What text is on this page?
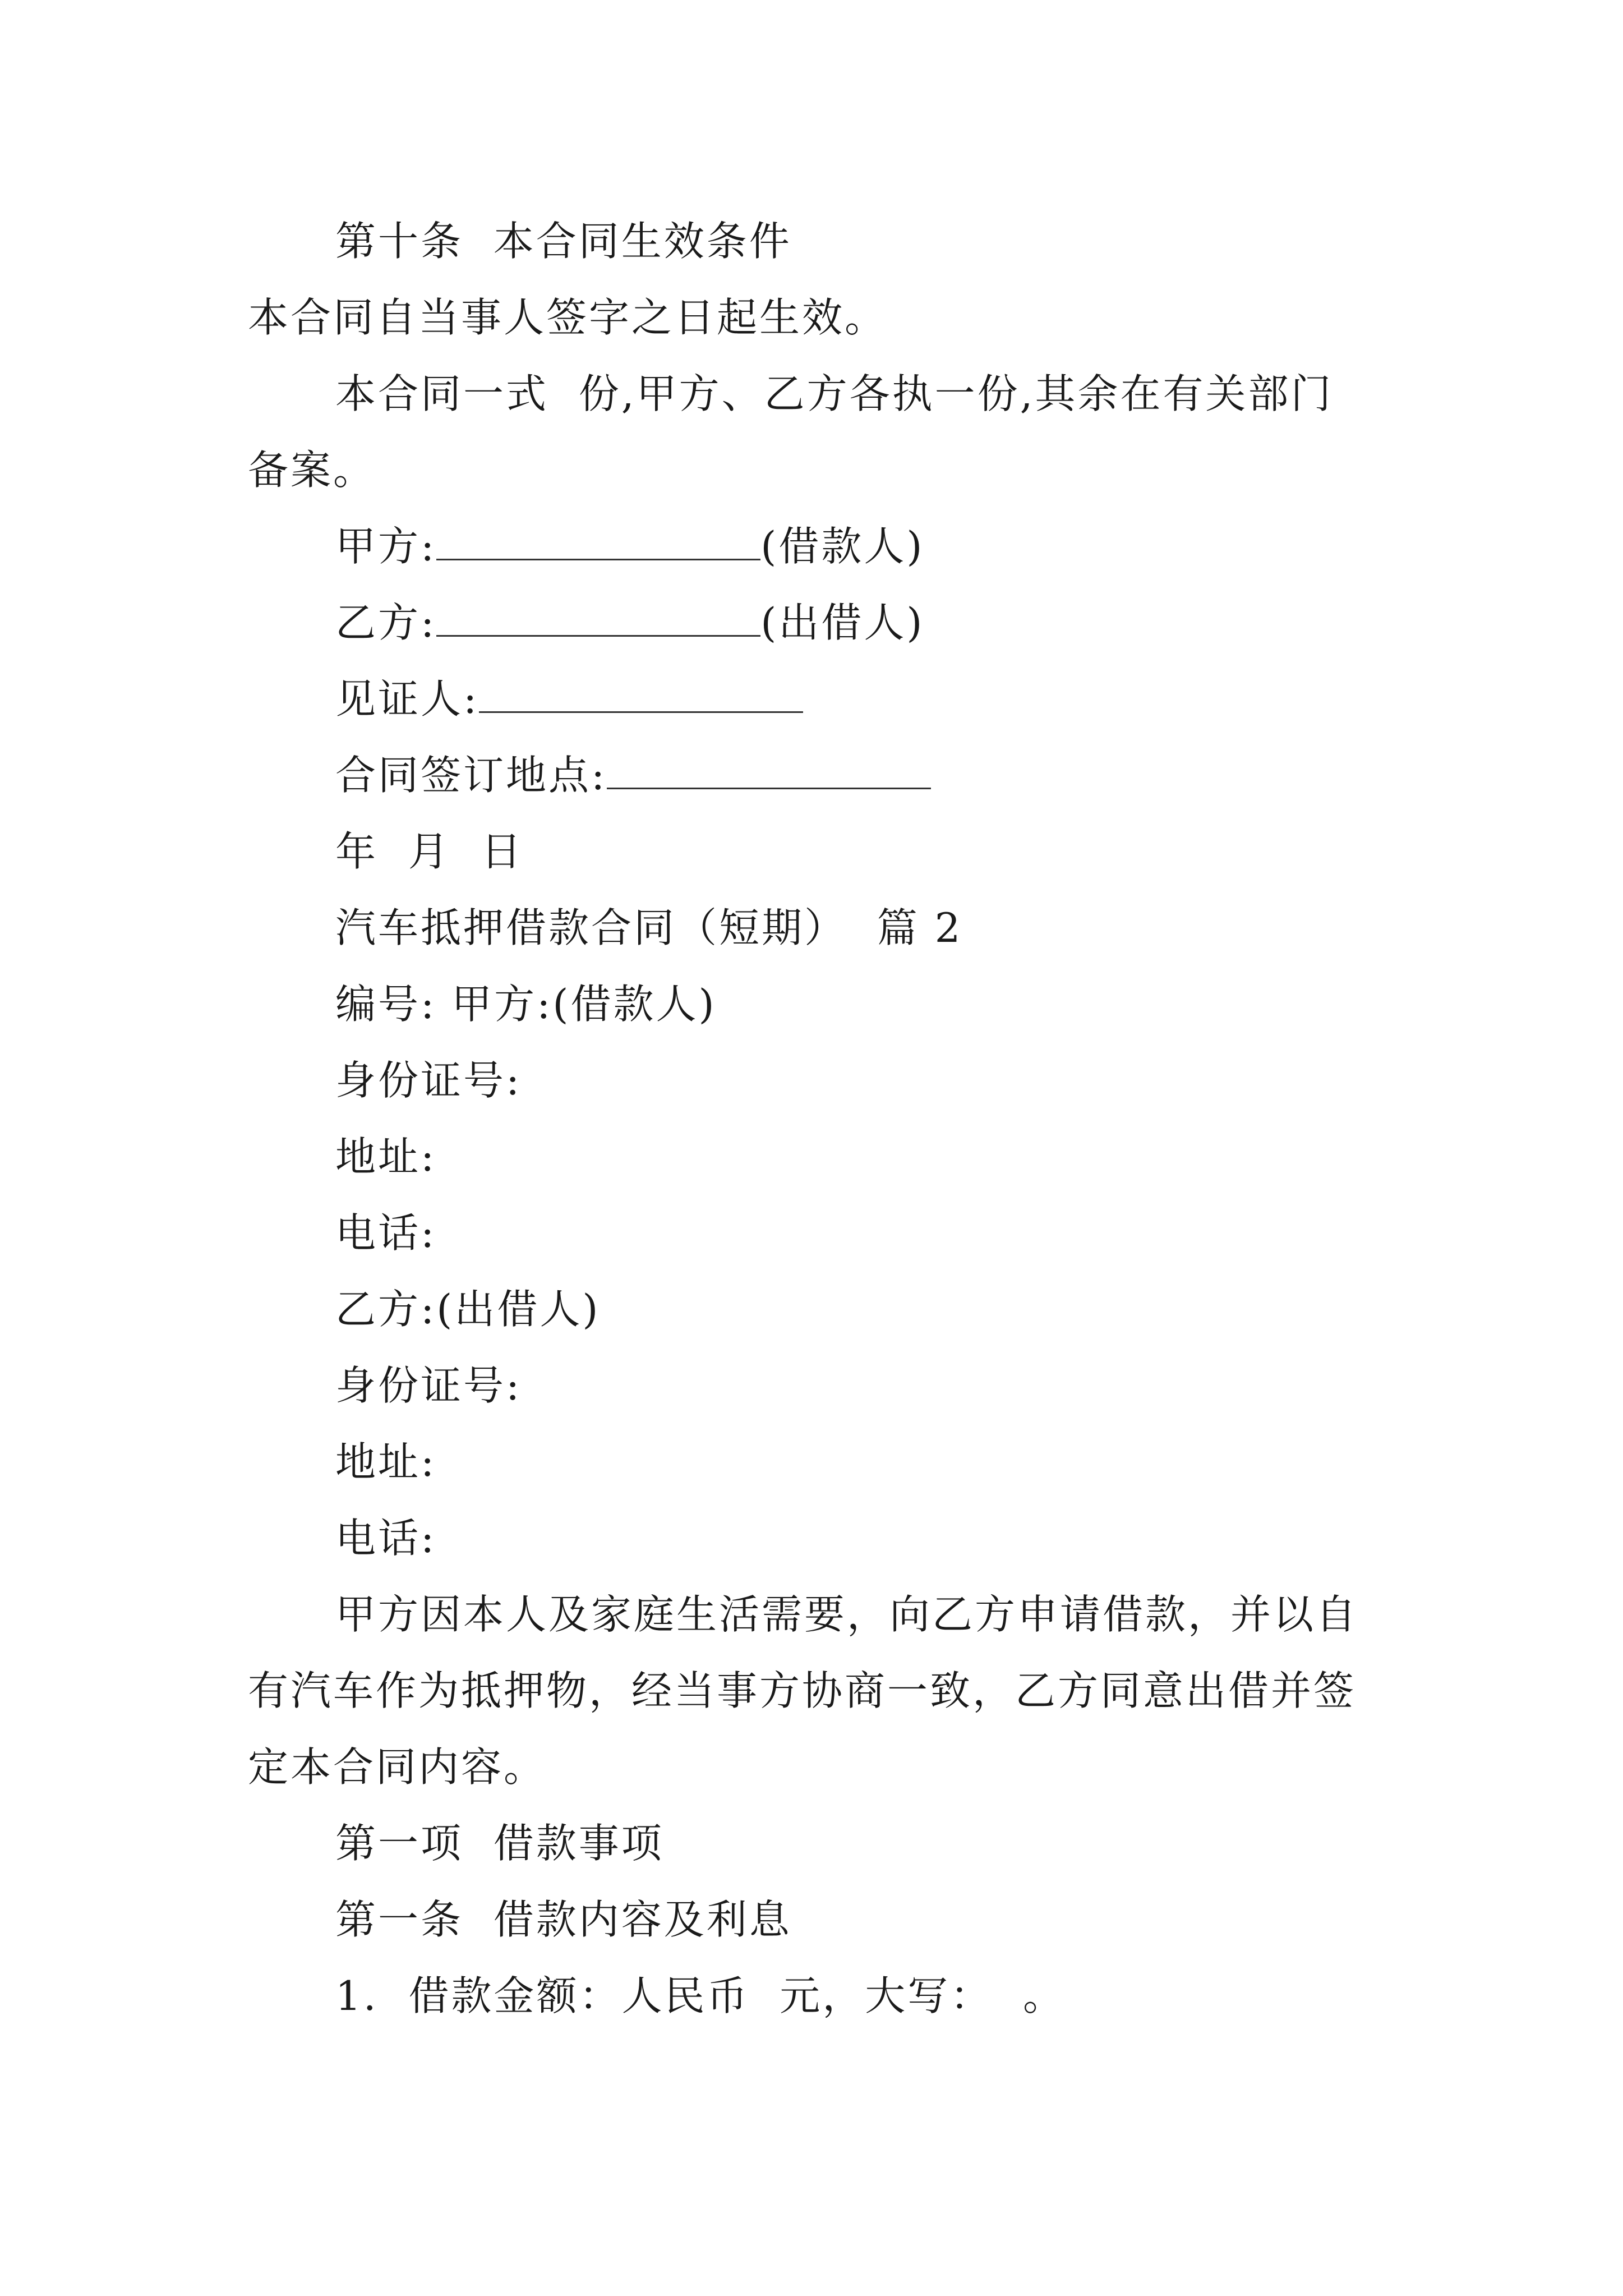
第十条  本合同生效条件
本合同自当事人签字之日起生效。
本合同一式  份,甲方、乙方各执一份,其余在有关部门
备案。
甲方:	(借款人)
乙方:	(出借人)
见证人:
合同签订地点:
年  月  日
汽车抵押借款合同（短期）  篇 2
编号: 甲方:(借款人)
身份证号:
地址:
电话:
乙方:(出借人)
身份证号:
地址:
电话:
甲方因本人及家庭生活需要，向乙方申请借款，并以自
有汽车作为抵押物，经当事方协商一致，乙方同意出借并签
定本合同内容。
第一项  借款事项
第一条  借款内容及利息
1.  借款金额：人民币  元，大写：  。
